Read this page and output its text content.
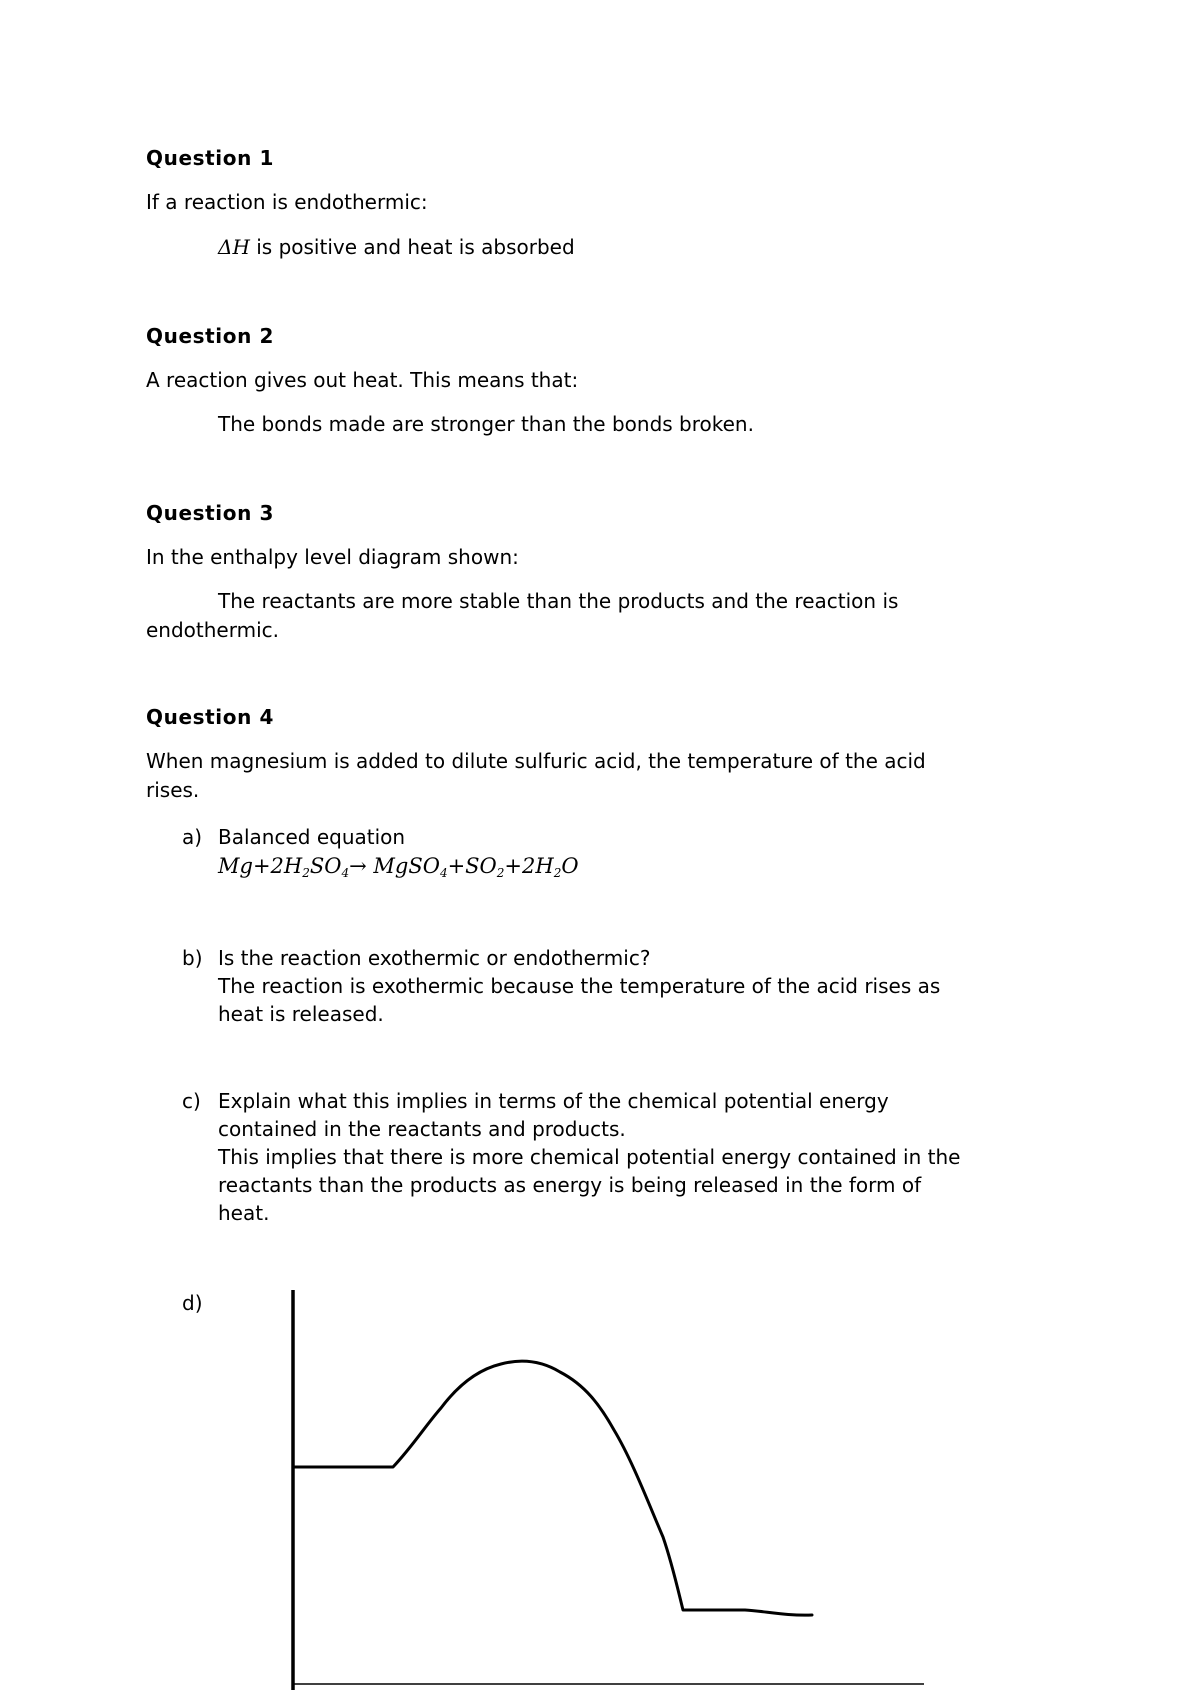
Question 1
If a reaction is endothermic:
ΔH is positive and heat is absorbed
Question 2
A reaction gives out heat. This means that:
The bonds made are stronger than the bonds broken.
Question 3
In the enthalpy level diagram shown:
The reactants are more stable than the products and the reaction is
endothermic.
Question 4
When magnesium is added to dilute sulfuric acid, the temperature of the acid
rises.
a) Balanced equation
$Mg+2H_2SO_4\to$ $MgSO_4+SO_2+2H_2O$
b) Is the reaction exothermic or endothermic?
The reaction is exothermic because the temperature of the acid rises as
heat is released.
c) Explain what this implies in terms of the chemical potential energy
contained in the reactants and products.
This implies that there is more chemical potential energy contained in the
reactants than the products as energy is being released in the form of
heat.
d)
